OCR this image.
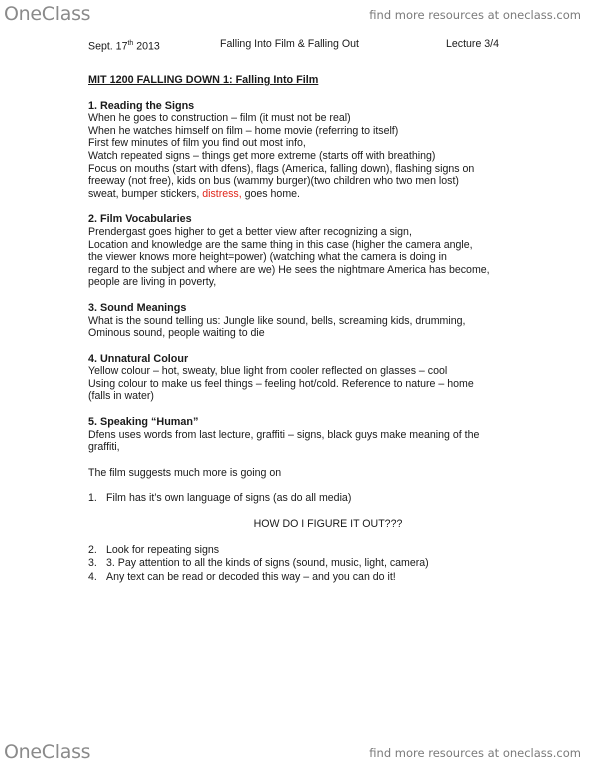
OneClass	find more resources at oneclass.com
Sept. 17th 2013	Falling Into Film & Falling Out	Lecture 3/4
MIT 1200 FALLING DOWN 1: Falling Into Film
1. Reading the Signs
When he goes to construction – film (it must not be real)
When he watches himself on film – home movie (referring to itself)
First few minutes of film you find out most info,
Watch repeated signs – things get more extreme (starts off with breathing)
Focus on mouths (start with dfens), flags (America, falling down), flashing signs on
freeway (not free), kids on bus (wammy burger)(two children who two men lost)
sweat, bumper stickers, distress, goes home.
2. Film Vocabularies
Prendergast goes higher to get a better view after recognizing a sign,
Location and knowledge are the same thing in this case (higher the camera angle,
the viewer knows more height=power) (watching what the camera is doing in
regard to the subject and where are we) He sees the nightmare America has become,
people are living in poverty,
3. Sound Meanings
What is the sound telling us: Jungle like sound, bells, screaming kids, drumming,
Ominous sound, people waiting to die
4. Unnatural Colour
Yellow colour – hot, sweaty, blue light from cooler reflected on glasses – cool
Using colour to make us feel things – feeling hot/cold. Reference to nature – home
(falls in water)
5. Speaking “Human”
Dfens uses words from last lecture, graffiti – signs, black guys make meaning of the
graffiti,
The film suggests much more is going on
1. Film has it’s own language of signs (as do all media)
HOW DO I FIGURE IT OUT???
2. Look for repeating signs
3. 3. Pay attention to all the kinds of signs (sound, music, light, camera)
4. Any text can be read or decoded this way – and you can do it!
OneClass	find more resources at oneclass.com
